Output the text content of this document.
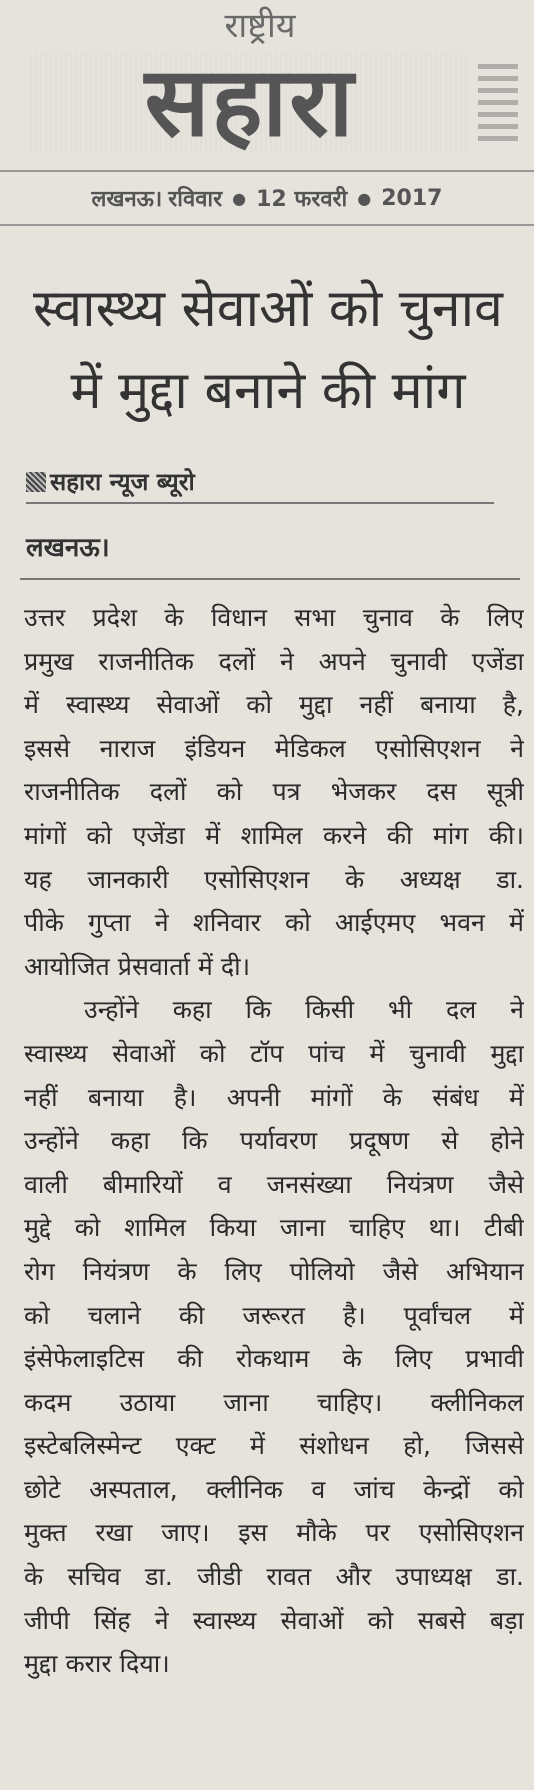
राष्ट्रीय
सहारा
लखनऊ। रविवार ● 12 फरवरी ● 2017
स्वास्थ्य सेवाओं को चुनाव
में मुद्दा बनाने की मांग
सहारा न्यूज ब्यूरो
लखनऊ।
उत्तर प्रदेश के विधान सभा चुनाव के लिए
प्रमुख राजनीतिक दलों ने अपने चुनावी एजेंडा
में स्वास्थ्य सेवाओं को मुद्दा नहीं बनाया है,
इससे नाराज इंडियन मेडिकल एसोसिएशन ने
राजनीतिक दलों को पत्र भेजकर दस सूत्री
मांगों को एजेंडा में शामिल करने की मांग की।
यह जानकारी एसोसिएशन के अध्यक्ष डा.
पीके गुप्ता ने शनिवार को आईएमए भवन में
आयोजित प्रेसवार्ता में दी।
उन्होंने कहा कि किसी भी दल ने
स्वास्थ्य सेवाओं को टॉप पांच में चुनावी मुद्दा
नहीं बनाया है। अपनी मांगों के संबंध में
उन्होंने कहा कि पर्यावरण प्रदूषण से होने
वाली बीमारियों व जनसंख्या नियंत्रण जैसे
मुद्दे को शामिल किया जाना चाहिए था। टीबी
रोग नियंत्रण के लिए पोलियो जैसे अभियान
को चलाने की जरूरत है। पूर्वांचल में
इंसेफेलाइटिस की रोकथाम के लिए प्रभावी
कदम उठाया जाना चाहिए। क्लीनिकल
इस्टेबलिस्मेन्ट एक्ट में संशोधन हो, जिससे
छोटे अस्पताल, क्लीनिक व जांच केन्द्रों को
मुक्त रखा जाए। इस मौके पर एसोसिएशन
के सचिव डा. जीडी रावत और उपाध्यक्ष डा.
जीपी सिंह ने स्वास्थ्य सेवाओं को सबसे बड़ा
मुद्दा करार दिया।
